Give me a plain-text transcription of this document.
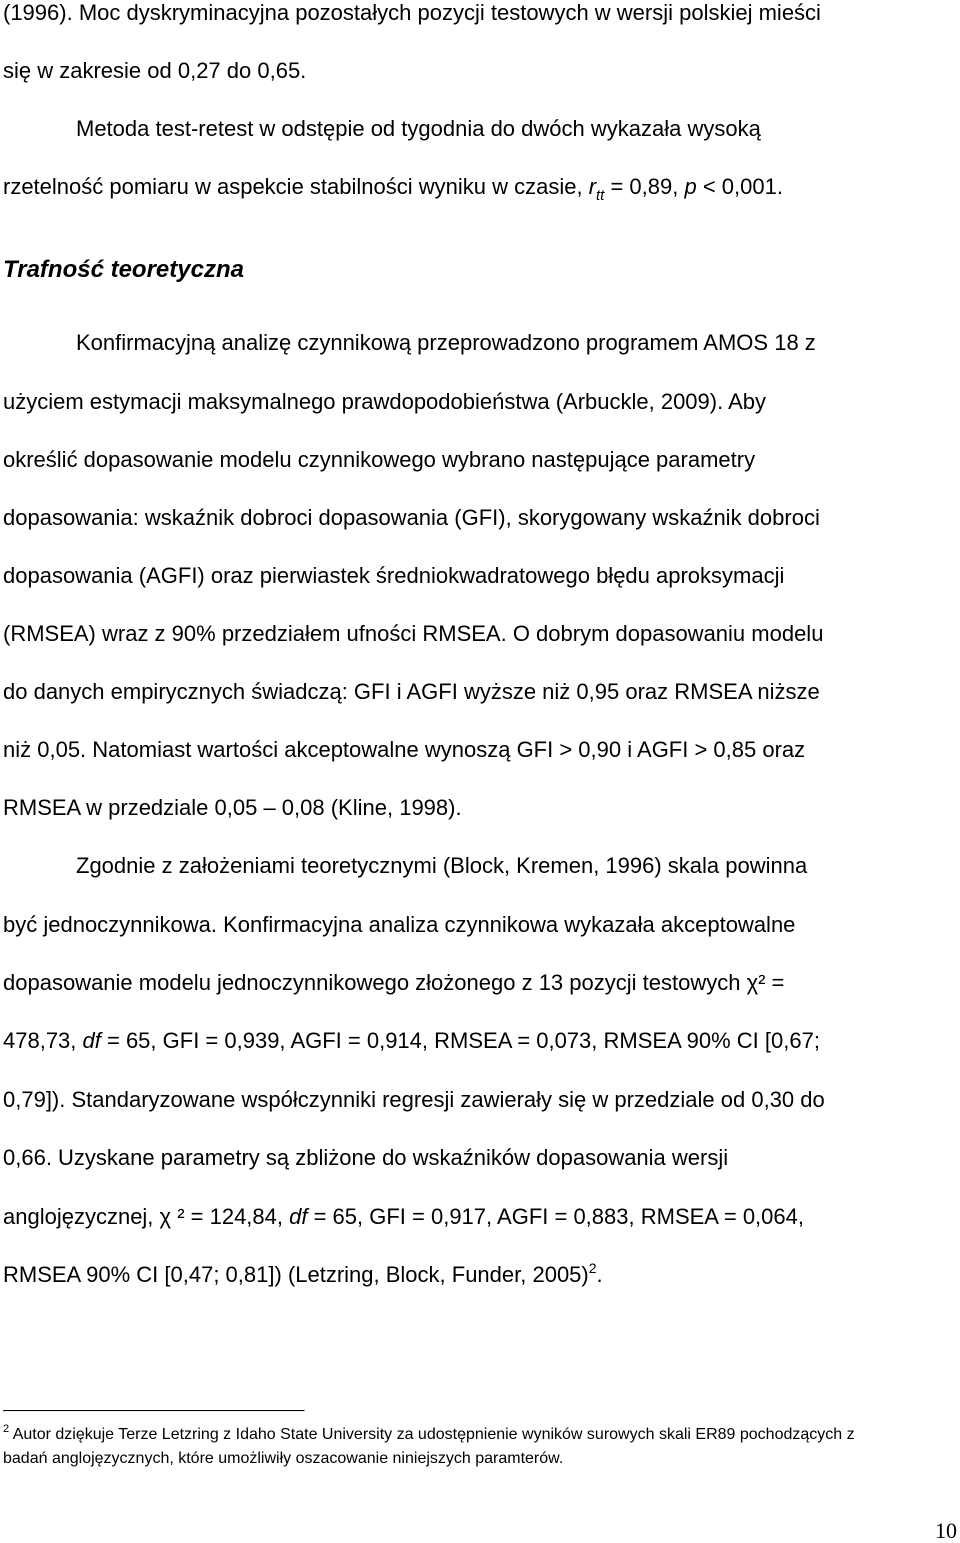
(1996). Moc dyskryminacyjna pozostałych pozycji testowych w wersji polskiej mieści

się w zakresie od 0,27 do 0,65.

Metoda test-retest w odstępie od tygodnia do dwóch wykazała wysoką

rzetelność pomiaru w aspekcie stabilności wyniku w czasie, $r_{tt} = 0,89$, p < 0,001.

Trafność teoretyczna

Konfirmacyjną analizę czynnikową przeprowadzono programem AMOS 18 z

użyciem estymacji maksymalnego prawdopodobieństwa (Arbuckle, 2009). Aby

określić dopasowanie modelu czynnikowego wybrano następujące parametry

dopasowania: wskaźnik dobroci dopasowania (GFI), skorygowany wskaźnik dobroci

dopasowania (AGFI) oraz pierwiastek średniokwadratowego błędu aproksymacji

(RMSEA) wraz z 90% przedziałem ufności RMSEA. O dobrym dopasowaniu modelu

do danych empirycznych świadczą: GFI i AGFI wyższe niż 0,95 oraz RMSEA niższe

niż 0,05. Natomiast wartości akceptowalne wynoszą GFI > 0,90 i AGFI > 0,85 oraz

RMSEA w przedziale 0,05 – 0,08 (Kline, 1998).

Zgodnie z założeniami teoretycznymi (Block, Kremen, 1996) skala powinna

być jednoczynnikowa. Konfirmacyjna analiza czynnikowa wykazała akceptowalne

dopasowanie modelu jednoczynnikowego złożonego z 13 pozycji testowych χ² =

478,73, df = 65, GFI = 0,939, AGFI = 0,914, RMSEA = 0,073, RMSEA 90% CI [0,67;

0,79]). Standaryzowane współczynniki regresji zawierały się w przedziale od 0,30 do

0,66. Uzyskane parametry są zbliżone do wskaźników dopasowania wersji

anglojęzycznej, χ ² = 124,84, df = 65, GFI = 0,917, AGFI = 0,883, RMSEA = 0,064,

RMSEA 90% CI [0,47; 0,81]) (Letzring, Block, Funder, 2005)$^2$.

$^2$ Autor dziękuje Terze Letzring z Idaho State University za udostępnienie wyników surowych skali ER89 pochodzących z
badań anglojęzycznych, które umożliwiły oszacowanie niniejszych paramterów.
10
